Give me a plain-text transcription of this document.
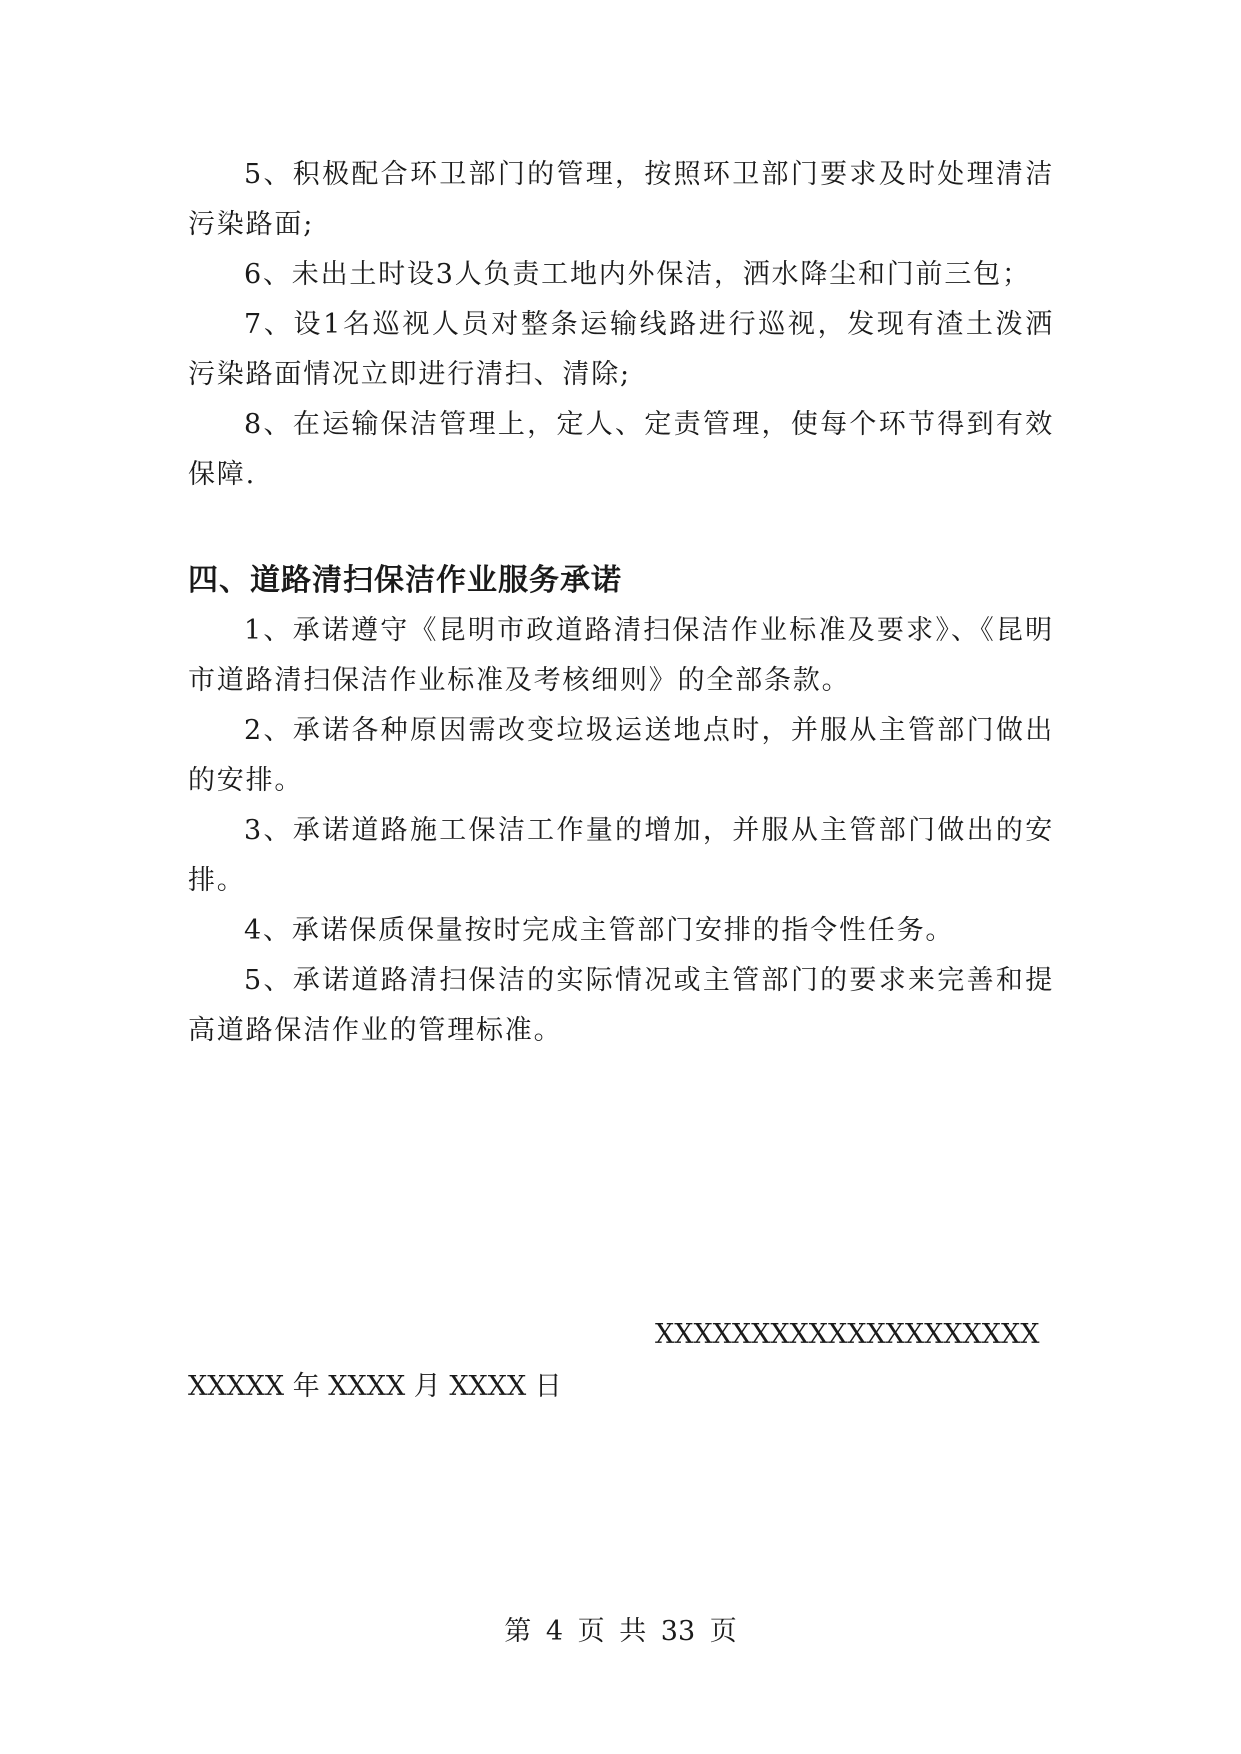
5、积极配合环卫部门的管理，按照环卫部门要求及时处理清洁污染路面;

6、未出土时设3人负责工地内外保洁，洒水降尘和门前三包；

7、设1名巡视人员对整条运输线路进行巡视，发现有渣土泼洒污染路面情况立即进行清扫、清除;

8、在运输保洁管理上，定人、定责管理，使每个环节得到有效保障.

四、道路清扫保洁作业服务承诺

1、承诺遵守《昆明市政道路清扫保洁作业标准及要求》、《昆明市道路清扫保洁作业标准及考核细则》的全部条款。

2、承诺各种原因需改变垃圾运送地点时，并服从主管部门做出的安排。

3、承诺道路施工保洁工作量的增加，并服从主管部门做出的安排。

4、承诺保质保量按时完成主管部门安排的指令性任务。

5、承诺道路清扫保洁的实际情况或主管部门的要求来完善和提高道路保洁作业的管理标准。

XXXXXXXXXXXXXXXXXXXX
XXXXX 年 XXXX 月 XXXX 日
第 4 页 共 33 页
